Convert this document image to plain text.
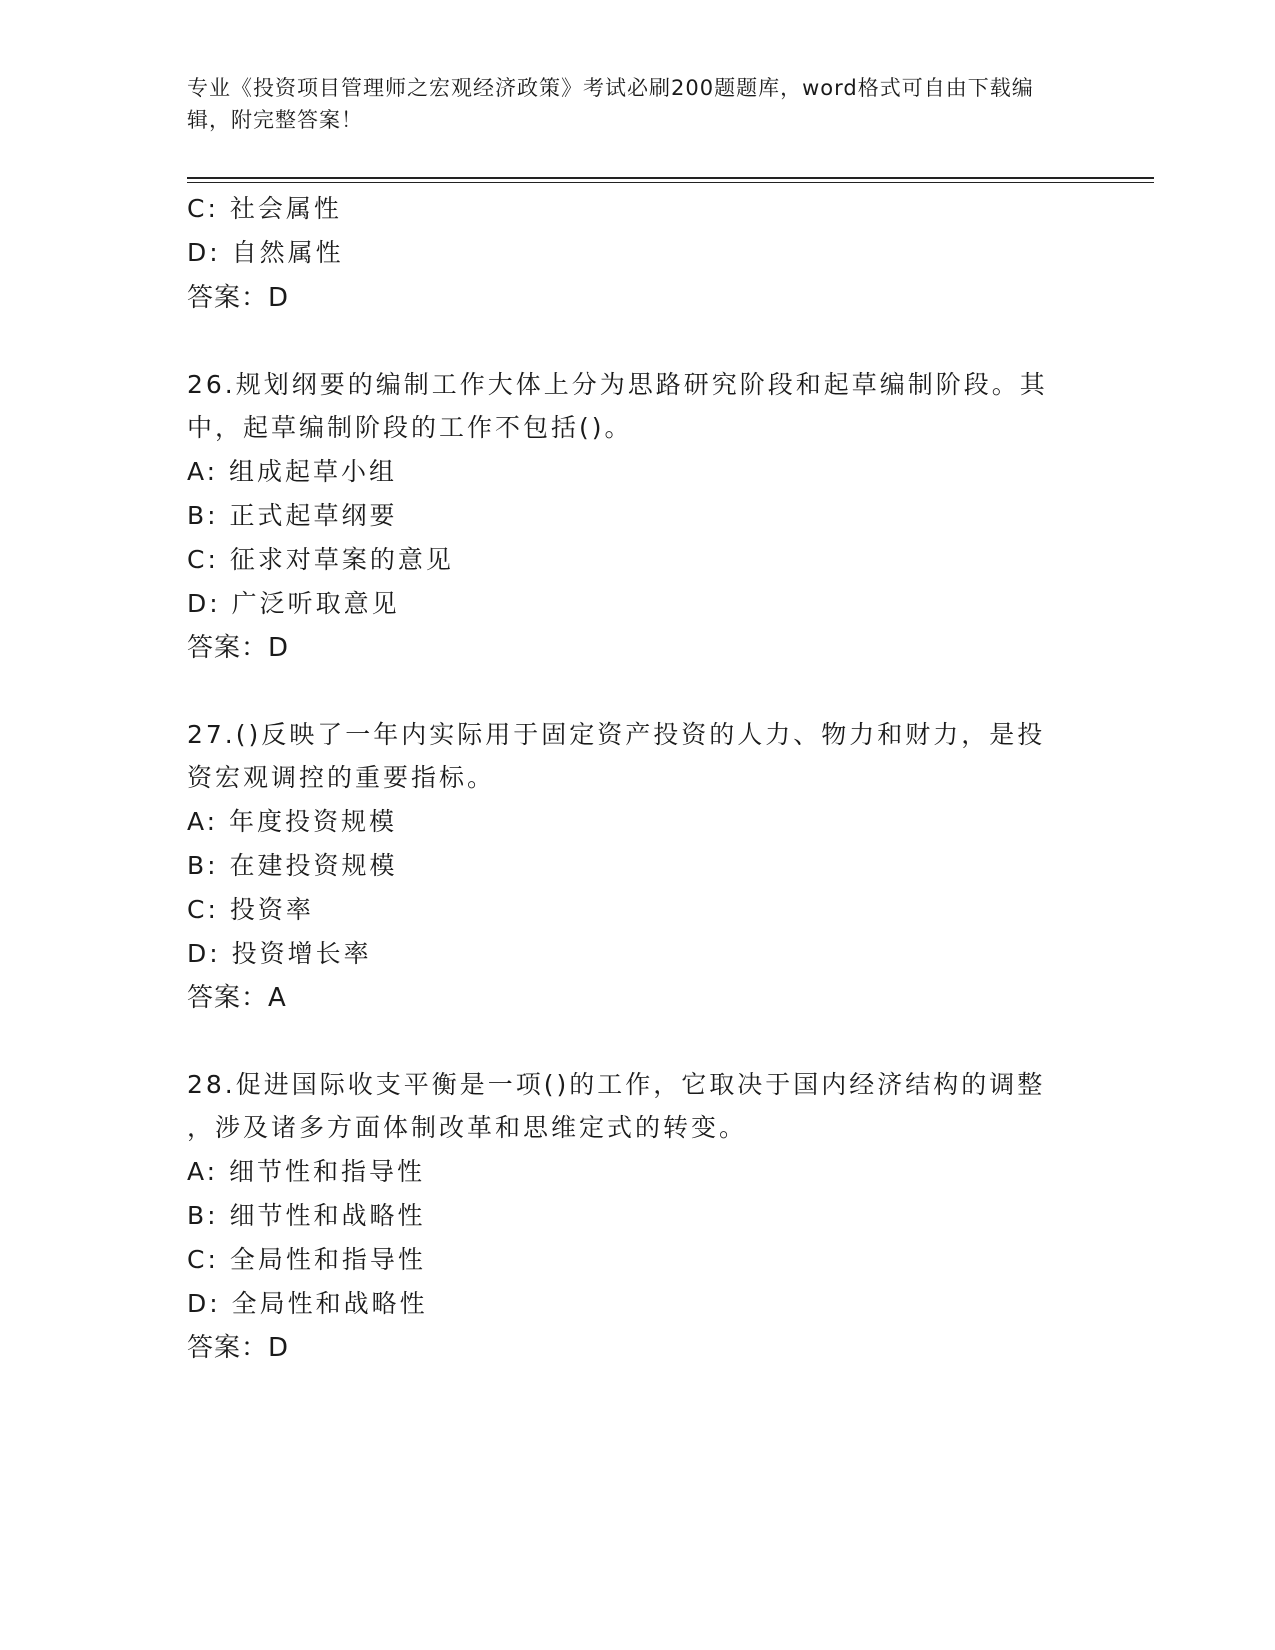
专业《投资项目管理师之宏观经济政策》考试必刷200题题库，word格式可自由下载编辑，附完整答案！
C: 社会属性
D: 自然属性
答案：D
26.规划纲要的编制工作大体上分为思路研究阶段和起草编制阶段。其
中，起草编制阶段的工作不包括()。
A: 组成起草小组
B: 正式起草纲要
C: 征求对草案的意见
D: 广泛听取意见
答案：D
27.()反映了一年内实际用于固定资产投资的人力、物力和财力，是投
资宏观调控的重要指标。
A: 年度投资规模
B: 在建投资规模
C: 投资率
D: 投资增长率
答案：A
28.促进国际收支平衡是一项()的工作，它取决于国内经济结构的调整
，涉及诸多方面体制改革和思维定式的转变。
A: 细节性和指导性
B: 细节性和战略性
C: 全局性和指导性
D: 全局性和战略性
答案：D
